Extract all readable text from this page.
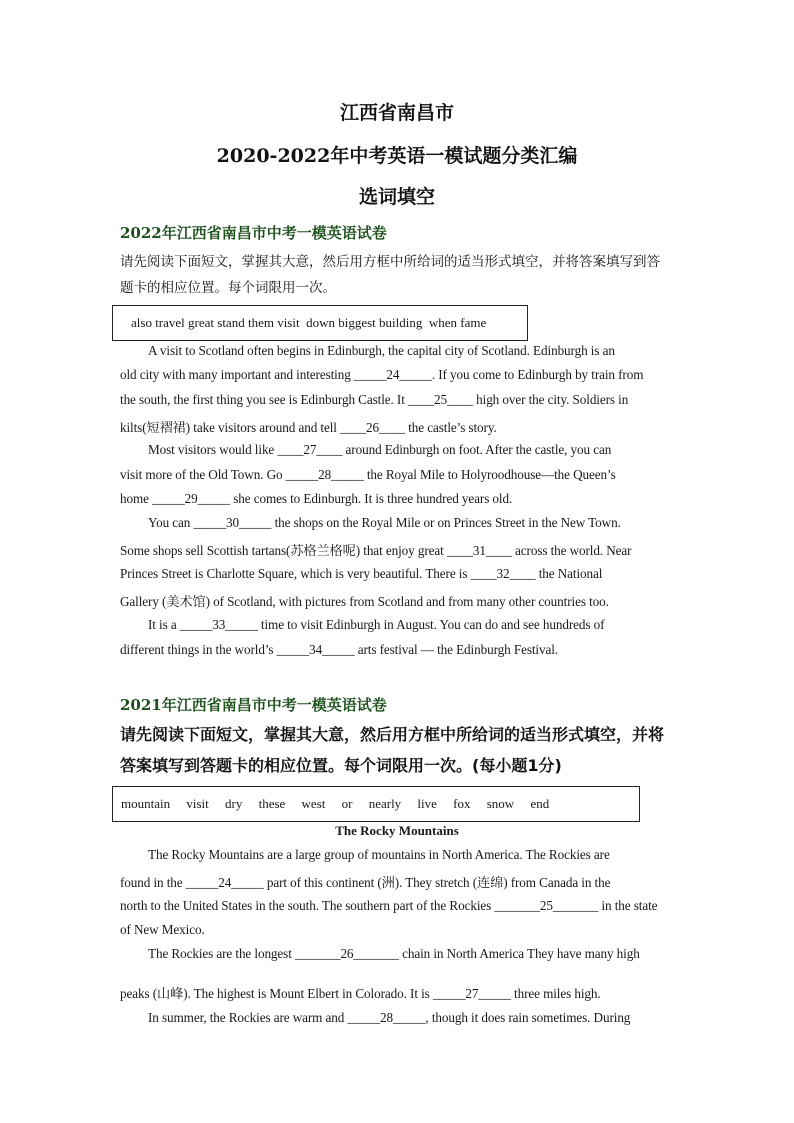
江西省南昌市
2020-2022年中考英语一模试题分类汇编
选词填空
2022年江西省南昌市中考一模英语试卷
请先阅读下面短文，掌握其大意，然后用方框中所给词的适当形式填空，并将答案填写到答
题卡的相应位置。每个词限用一次。
also travel great stand them visit  down biggest building  when fame
A visit to Scotland often begins in Edinburgh, the capital city of Scotland. Edinburgh is an
old city with many important and interesting _____24_____. If you come to Edinburgh by train from
the south, the first thing you see is Edinburgh Castle. It ____25____ high over the city. Soldiers in
kilts(短褶裙) take visitors around and tell ____26____ the castle’s story.
Most visitors would like ____27____ around Edinburgh on foot. After the castle, you can
visit more of the Old Town. Go _____28_____ the Royal Mile to Holyroodhouse—the Queen’s
home _____29_____ she comes to Edinburgh. It is three hundred years old.
You can _____30_____ the shops on the Royal Mile or on Princes Street in the New Town.
Some shops sell Scottish tartans(苏格兰格呢) that enjoy great ____31____ across the world. Near
Princes Street is Charlotte Square, which is very beautiful. There is ____32____ the National
Gallery (美术馆) of Scotland, with pictures from Scotland and from many other countries too.
It is a _____33_____ time to visit Edinburgh in August. You can do and see hundreds of
different things in the world’s _____34_____ arts festival — the Edinburgh Festival.
2021年江西省南昌市中考一模英语试卷
请先阅读下面短文，掌握其大意，然后用方框中所给词的适当形式填空，并将
答案填写到答题卡的相应位置。每个词限用一次。(每小题1分)
mountain     visit     dry     these     west     or     nearly     live     fox     snow     end
The Rocky Mountains
The Rocky Mountains are a large group of mountains in North America. The Rockies are
found in the _____24_____ part of this continent (洲). They stretch (连绵) from Canada in the
north to the United States in the south. The southern part of the Rockies _______25_______ in the state
of New Mexico.
The Rockies are the longest _______26_______ chain in North America They have many high
peaks (山峰). The highest is Mount Elbert in Colorado. It is _____27_____ three miles high.
In summer, the Rockies are warm and _____28_____, though it does rain sometimes. During
